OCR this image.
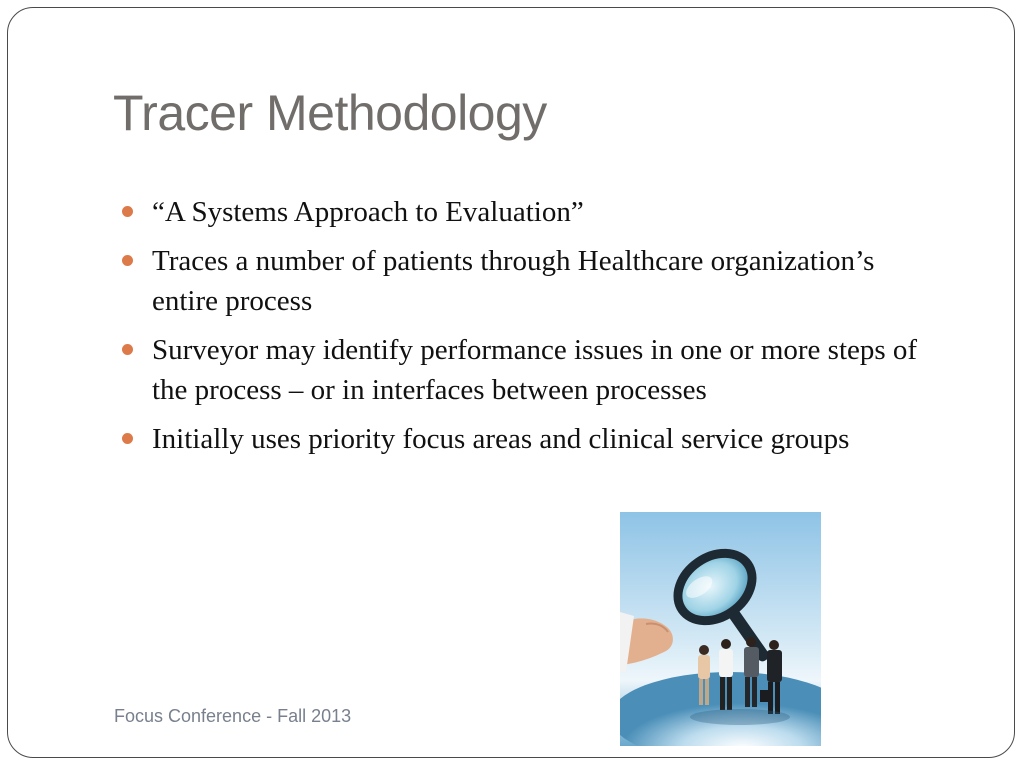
Tracer Methodology
“A Systems Approach to Evaluation”
Traces a number of patients through Healthcare organization’s entire process
Surveyor may identify performance issues in one or more steps of the process – or in interfaces between processes
Initially uses priority focus areas and clinical service groups
Focus Conference - Fall 2013
